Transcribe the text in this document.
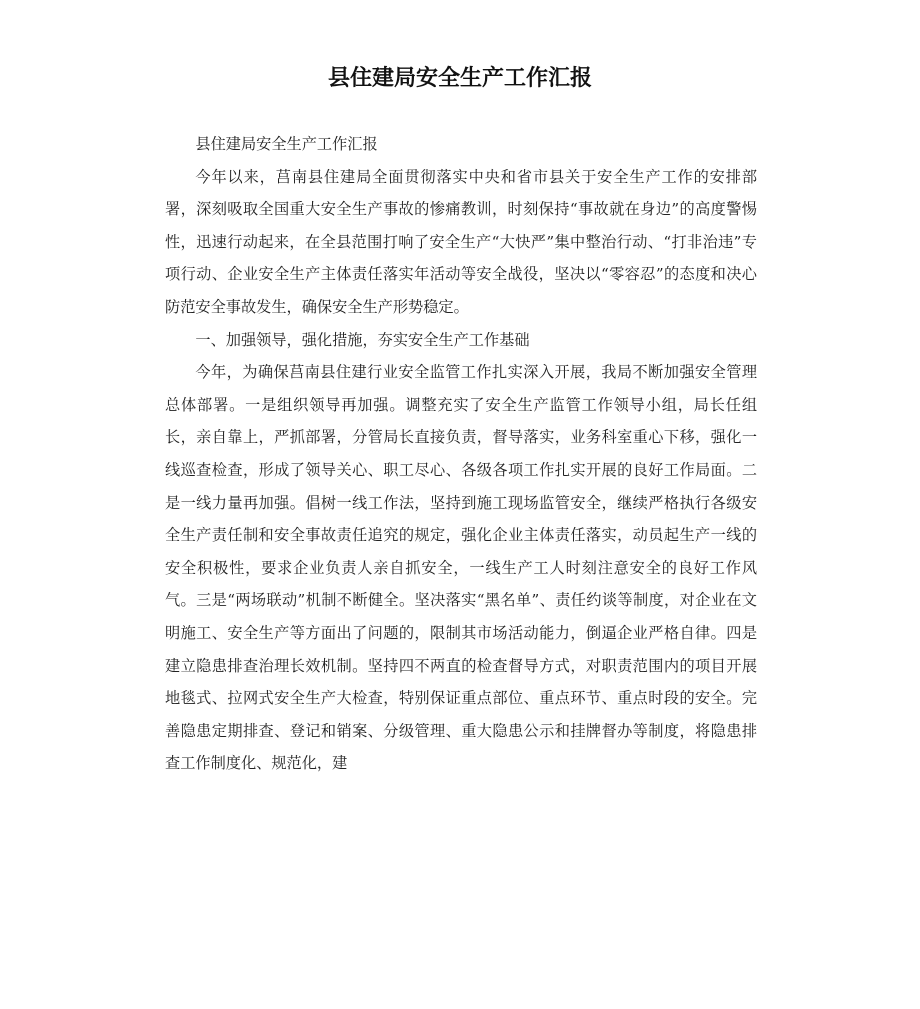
县住建局安全生产工作汇报

县住建局安全生产工作汇报

今年以来，莒南县住建局全面贯彻落实中央和省市县关于安全生产工作的安排部署，深刻吸取全国重大安全生产事故的惨痛教训，时刻保持“事故就在身边”的高度警惕性，迅速行动起来，在全县范围打响了安全生产“大快严”集中整治行动、“打非治违”专项行动、企业安全生产主体责任落实年活动等安全战役，坚决以“零容忍”的态度和决心防范安全事故发生，确保安全生产形势稳定。

一、加强领导，强化措施，夯实安全生产工作基础

今年，为确保莒南县住建行业安全监管工作扎实深入开展，我局不断加强安全管理总体部署。一是组织领导再加强。调整充实了安全生产监管工作领导小组，局长任组长，亲自靠上，严抓部署，分管局长直接负责，督导落实，业务科室重心下移，强化一线巡查检查，形成了领导关心、职工尽心、各级各项工作扎实开展的良好工作局面。二是一线力量再加强。倡树一线工作法，坚持到施工现场监管安全，继续严格执行各级安全生产责任制和安全事故责任追究的规定，强化企业主体责任落实，动员起生产一线的安全积极性，要求企业负责人亲自抓安全，一线生产工人时刻注意安全的良好工作风气。三是“两场联动”机制不断健全。坚决落实“黑名单”、责任约谈等制度，对企业在文明施工、安全生产等方面出了问题的，限制其市场活动能力，倒逼企业严格自律。四是建立隐患排查治理长效机制。坚持四不两直的检查督导方式，对职责范围内的项目开展地毯式、拉网式安全生产大检查，特别保证重点部位、重点环节、重点时段的安全。完善隐患定期排查、登记和销案、分级管理、重大隐患公示和挂牌督办等制度，将隐患排查工作制度化、规范化，建
